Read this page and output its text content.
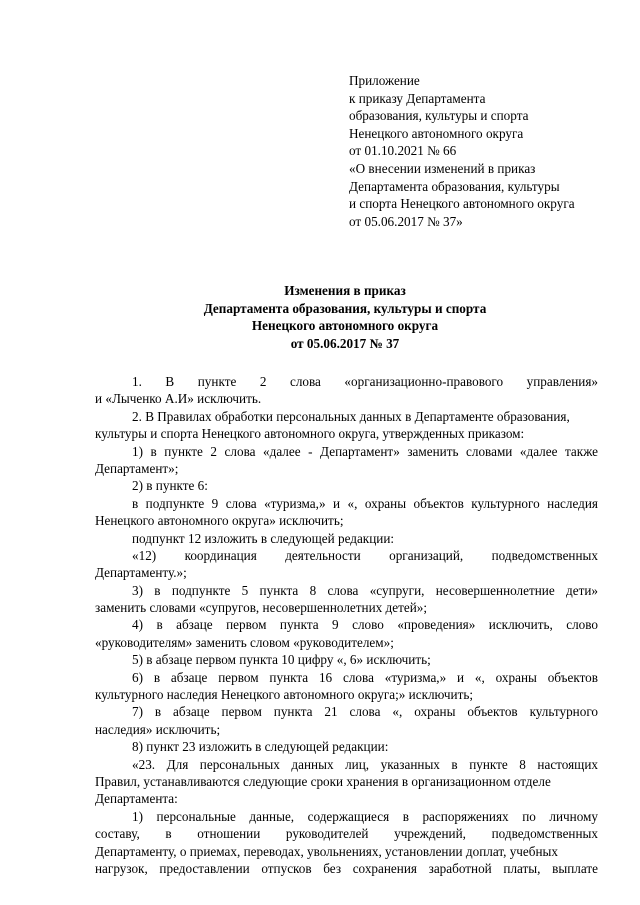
Приложение
к приказу Департамента
образования, культуры и спорта
Ненецкого автономного округа
от 01.10.2021 № 66
«О внесении изменений в приказ
Департамента образования, культуры
и спорта Ненецкого автономного округа
от 05.06.2017 № 37»
Изменения в приказ
Департамента образования, культуры и спорта
Ненецкого автономного округа
от 05.06.2017 № 37
1. В пункте 2 слова «организационно-правового управления»
и «Лыченко А.И» исключить.
2. В Правилах обработки персональных данных в Департаменте образования,
культуры и спорта Ненецкого автономного округа, утвержденных приказом:
1) в пункте 2 слова «далее - Департамент» заменить словами «далее также
Департамент»;
2) в пункте 6:
в подпункте 9 слова «туризма,» и «, охраны объектов культурного наследия
Ненецкого автономного округа» исключить;
подпункт 12 изложить в следующей редакции:
«12) координация деятельности организаций, подведомственных
Департаменту.»;
3) в подпункте 5 пункта 8 слова «супруги, несовершеннолетние дети»
заменить словами «супругов, несовершеннолетних детей»;
4) в абзаце первом пункта 9 слово «проведения» исключить, слово
«руководителям» заменить словом «руководителем»;
5) в абзаце первом пункта 10 цифру «, 6» исключить;
6) в абзаце первом пункта 16 слова «туризма,» и «, охраны объектов
культурного наследия Ненецкого автономного округа;» исключить;
7) в абзаце первом пункта 21 слова «, охраны объектов культурного
наследия» исключить;
8) пункт 23 изложить в следующей редакции:
«23. Для персональных данных лиц, указанных в пункте 8 настоящих
Правил, устанавливаются следующие сроки хранения в организационном отделе
Департамента:
1) персональные данные, содержащиеся в распоряжениях по личному
составу, в отношении руководителей учреждений, подведомственных
Департаменту, о приемах, переводах, увольнениях, установлении доплат, учебных
нагрузок, предоставлении отпусков без сохранения заработной платы, выплате
